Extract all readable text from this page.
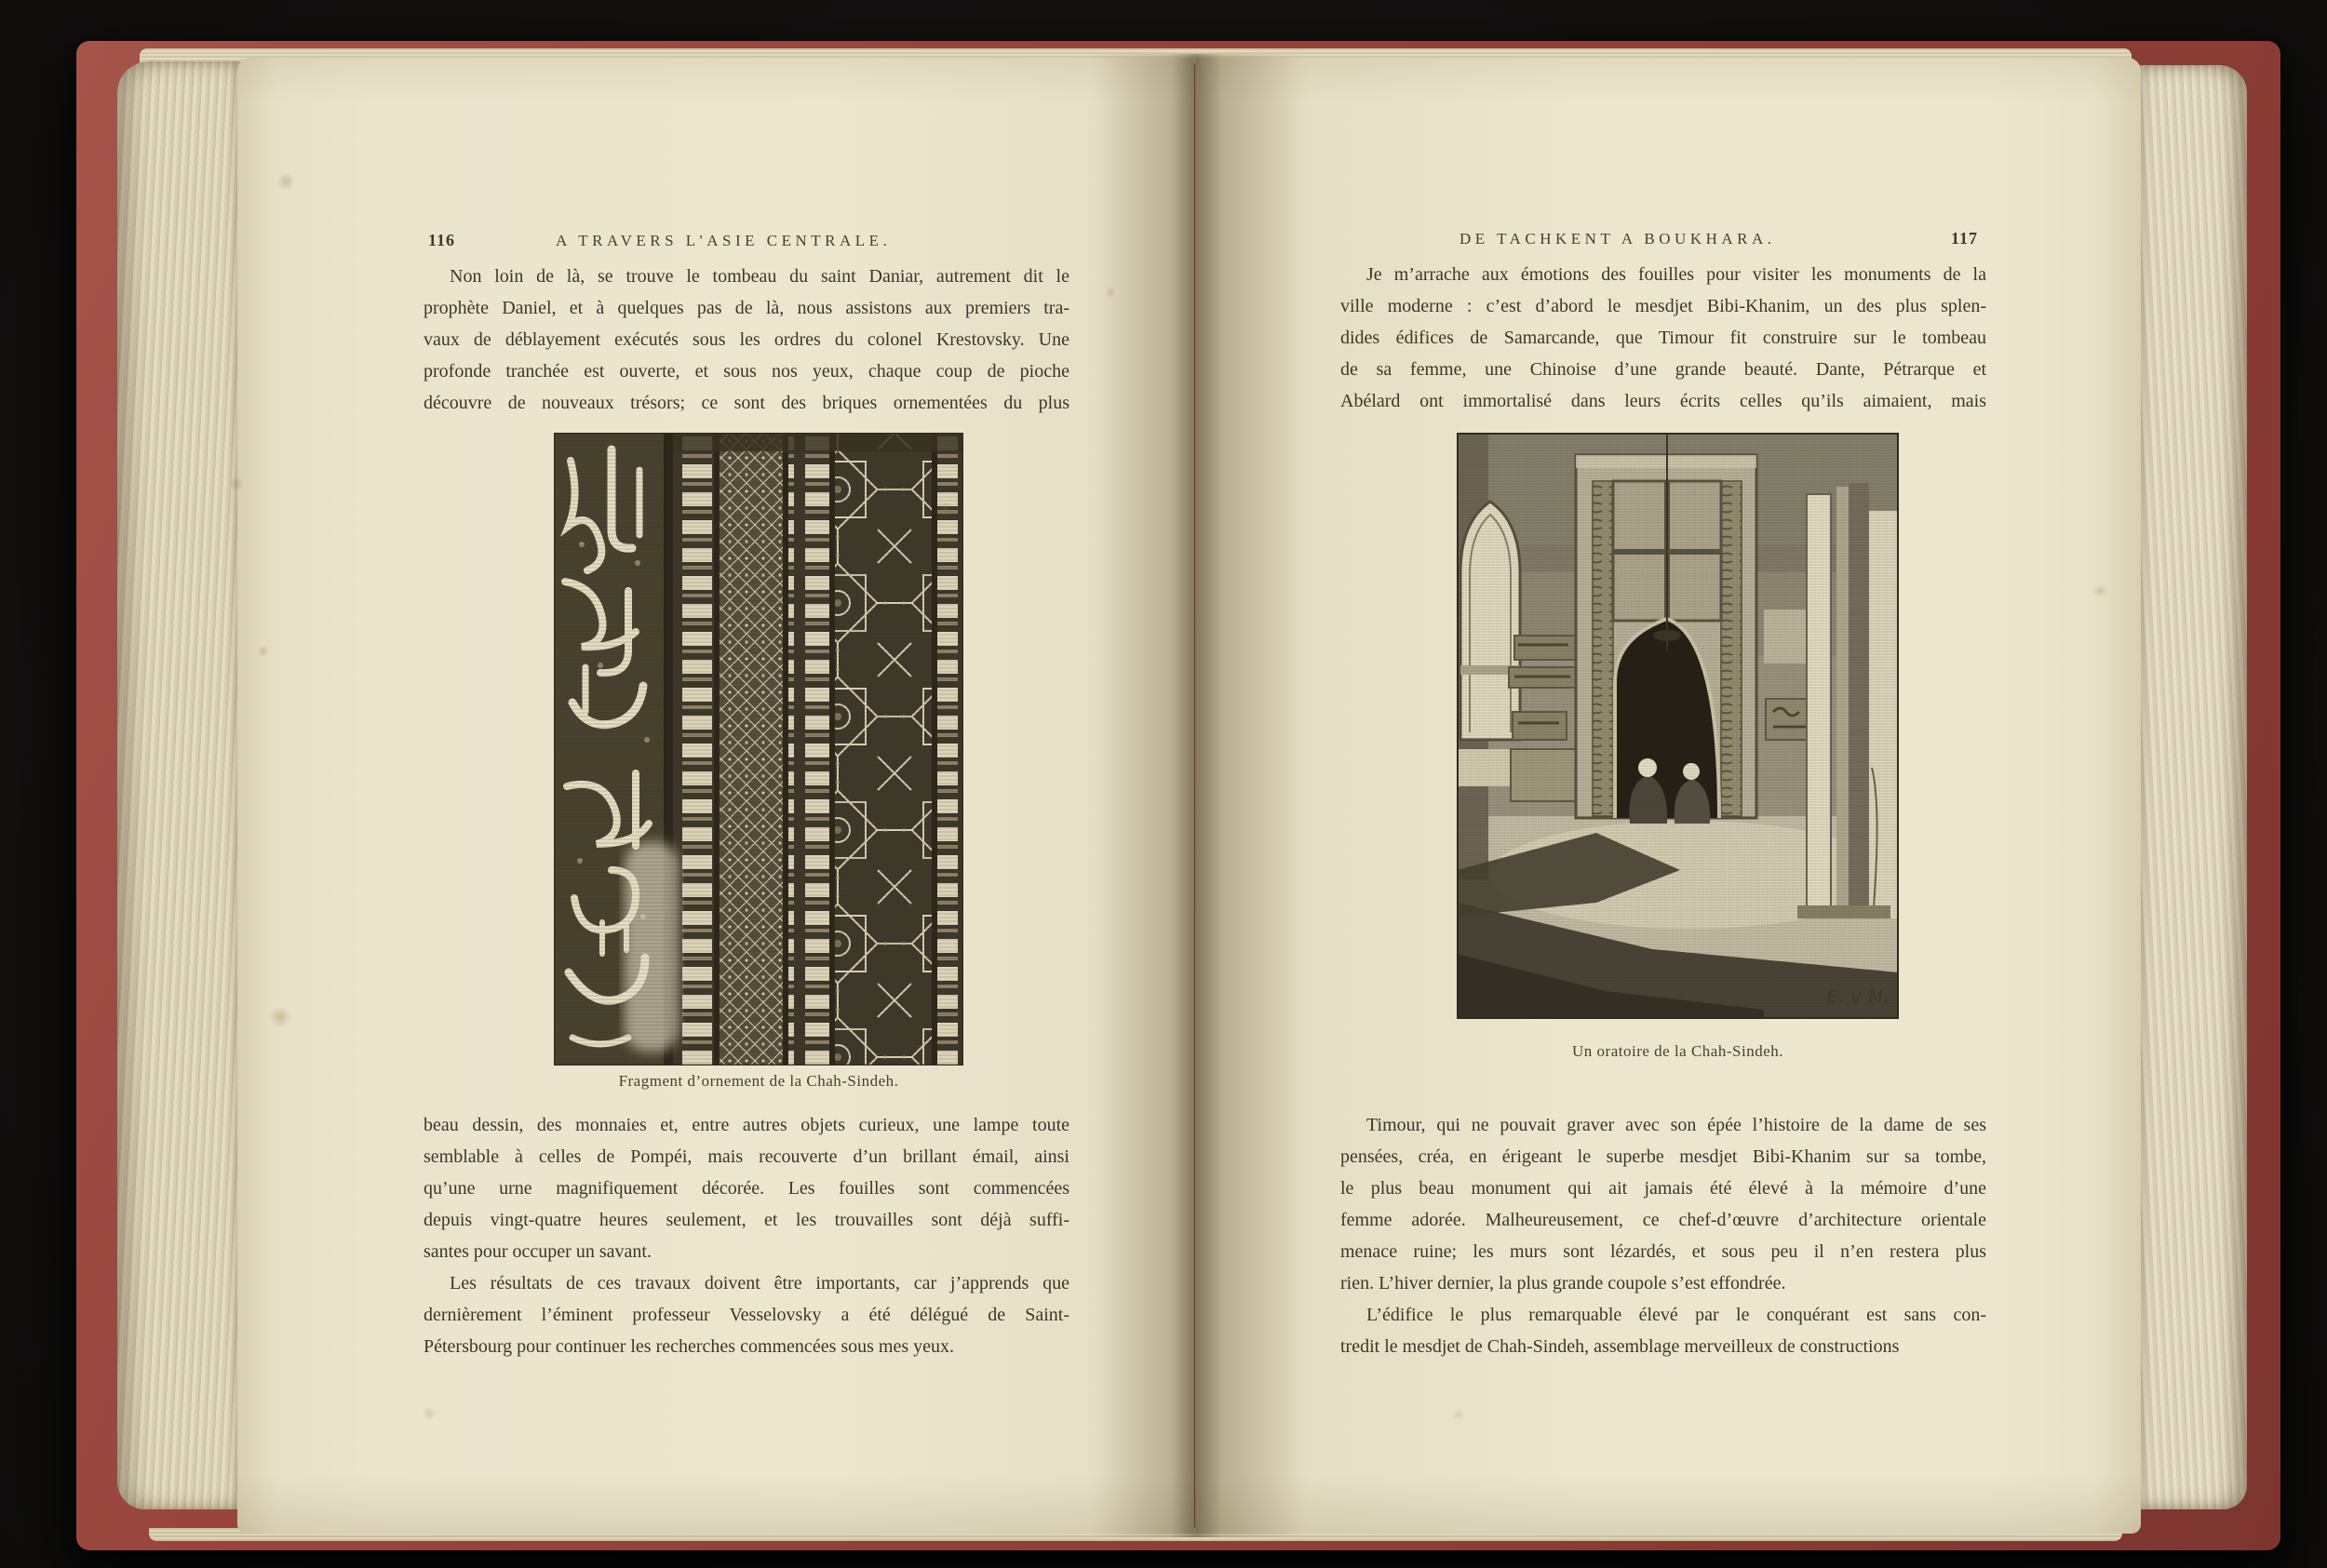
116	A TRAVERS L'ASIE CENTRALE.
Non loin de là, se trouve le tombeau du saint Daniar, autrement dit le
prophète Daniel, et à quelques pas de là, nous assistons aux premiers tra-
vaux de déblayement exécutés sous les ordres du colonel Krestovsky. Une
profonde tranchée est ouverte, et sous nos yeux, chaque coup de pioche
découvre de nouveaux trésors; ce sont des briques ornementées du plus
Fragment d’ornement de la Chah-Sindeh.
beau dessin, des monnaies et, entre autres objets curieux, une lampe toute
semblable à celles de Pompéi, mais recouverte d’un brillant émail, ainsi
qu’une urne magnifiquement décorée. Les fouilles sont commencées
depuis vingt-quatre heures seulement, et les trouvailles sont déjà suffi-
santes pour occuper un savant.
Les résultats de ces travaux doivent être importants, car j’apprends que
dernièrement l’éminent professeur Vesselovsky a été délégué de Saint-
Pétersbourg pour continuer les recherches commencées sous mes yeux.
DE TACHKENT A BOUKHARA.	117
Je m’arrache aux émotions des fouilles pour visiter les monuments de la
ville moderne : c’est d’abord le mesdjet Bibi-Khanim, un des plus splen-
dides édifices de Samarcande, que Timour fit construire sur le tombeau
de sa femme, une Chinoise d’une grande beauté. Dante, Pétrarque et
Abélard ont immortalisé dans leurs écrits celles qu’ils aimaient, mais
Un oratoire de la Chah-Sindeh.
Timour, qui ne pouvait graver avec son épée l’histoire de la dame de ses
pensées, créa, en érigeant le superbe mesdjet Bibi-Khanim sur sa tombe,
le plus beau monument qui ait jamais été élevé à la mémoire d’une
femme adorée. Malheureusement, ce chef-d’œuvre d’architecture orientale
menace ruine; les murs sont lézardés, et sous peu il n’en restera plus
rien. L’hiver dernier, la plus grande coupole s’est effondrée.
L’édifice le plus remarquable élevé par le conquérant est sans con-
tredit le mesdjet de Chah-Sindeh, assemblage merveilleux de constructions
